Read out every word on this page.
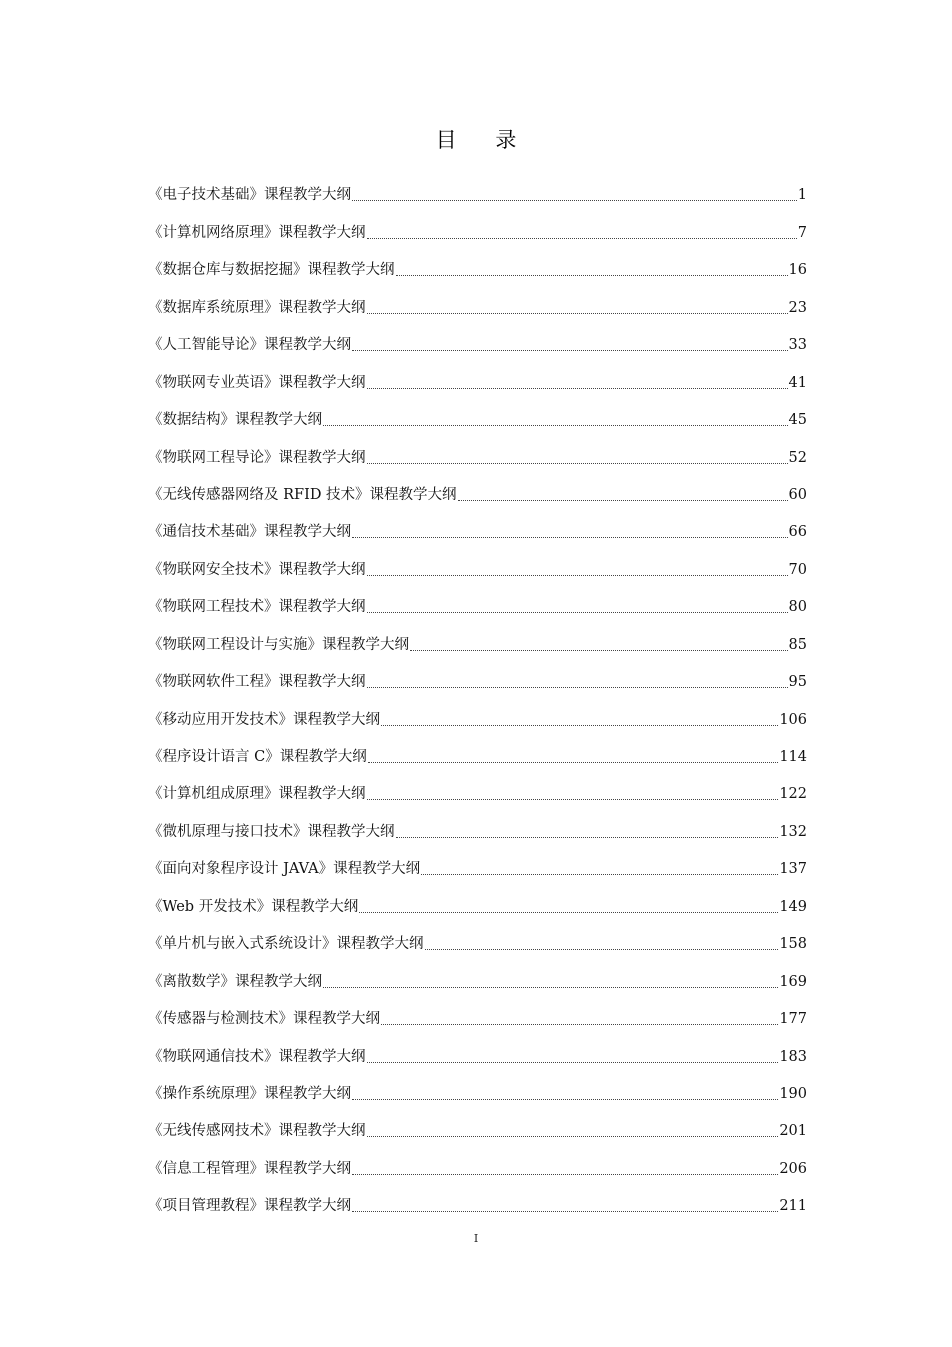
目 录
《电子技术基础》课程教学大纲	1
《计算机网络原理》课程教学大纲	7
《数据仓库与数据挖掘》课程教学大纲	16
《数据库系统原理》课程教学大纲	23
《人工智能导论》课程教学大纲	33
《物联网专业英语》课程教学大纲	41
《数据结构》课程教学大纲	45
《物联网工程导论》课程教学大纲	52
《无线传感器网络及 RFID 技术》课程教学大纲	60
《通信技术基础》课程教学大纲	66
《物联网安全技术》课程教学大纲	70
《物联网工程技术》课程教学大纲	80
《物联网工程设计与实施》课程教学大纲	85
《物联网软件工程》课程教学大纲	95
《移动应用开发技术》课程教学大纲	106
《程序设计语言 C》课程教学大纲	114
《计算机组成原理》课程教学大纲	122
《微机原理与接口技术》课程教学大纲	132
《面向对象程序设计 JAVA》课程教学大纲	137
《Web 开发技术》课程教学大纲	149
《单片机与嵌入式系统设计》课程教学大纲	158
《离散数学》课程教学大纲	169
《传感器与检测技术》课程教学大纲	177
《物联网通信技术》课程教学大纲	183
《操作系统原理》课程教学大纲	190
《无线传感网技术》课程教学大纲	201
《信息工程管理》课程教学大纲	206
《项目管理教程》课程教学大纲	211
I
